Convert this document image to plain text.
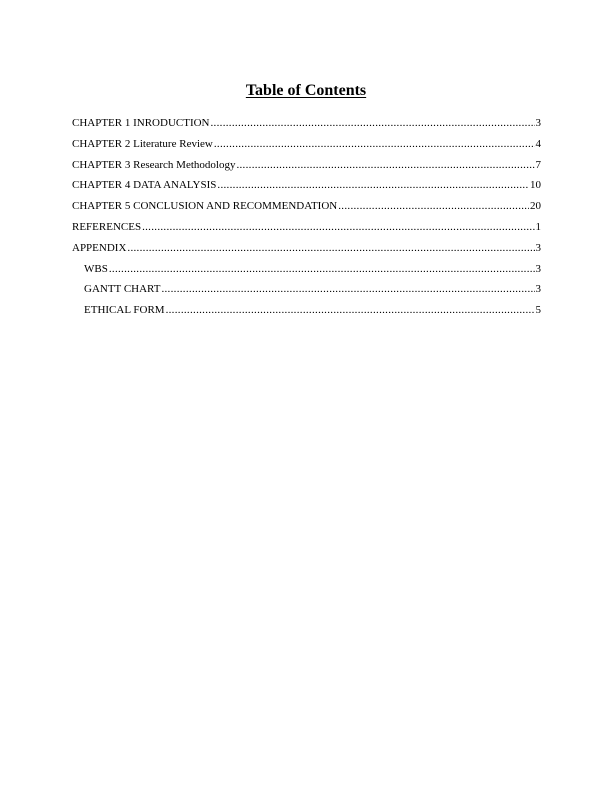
Table of Contents
CHAPTER 1 INRODUCTION .....	3
CHAPTER 2 Literature Review .....	4
CHAPTER 3 Research Methodology .....	7
CHAPTER 4 DATA ANALYSIS .....	10
CHAPTER 5 CONCLUSION AND RECOMMENDATION .....	20
REFERENCES .....	1
APPENDIX .....	3
WBS .....	3
GANTT CHART .....	3
ETHICAL FORM .....	5
